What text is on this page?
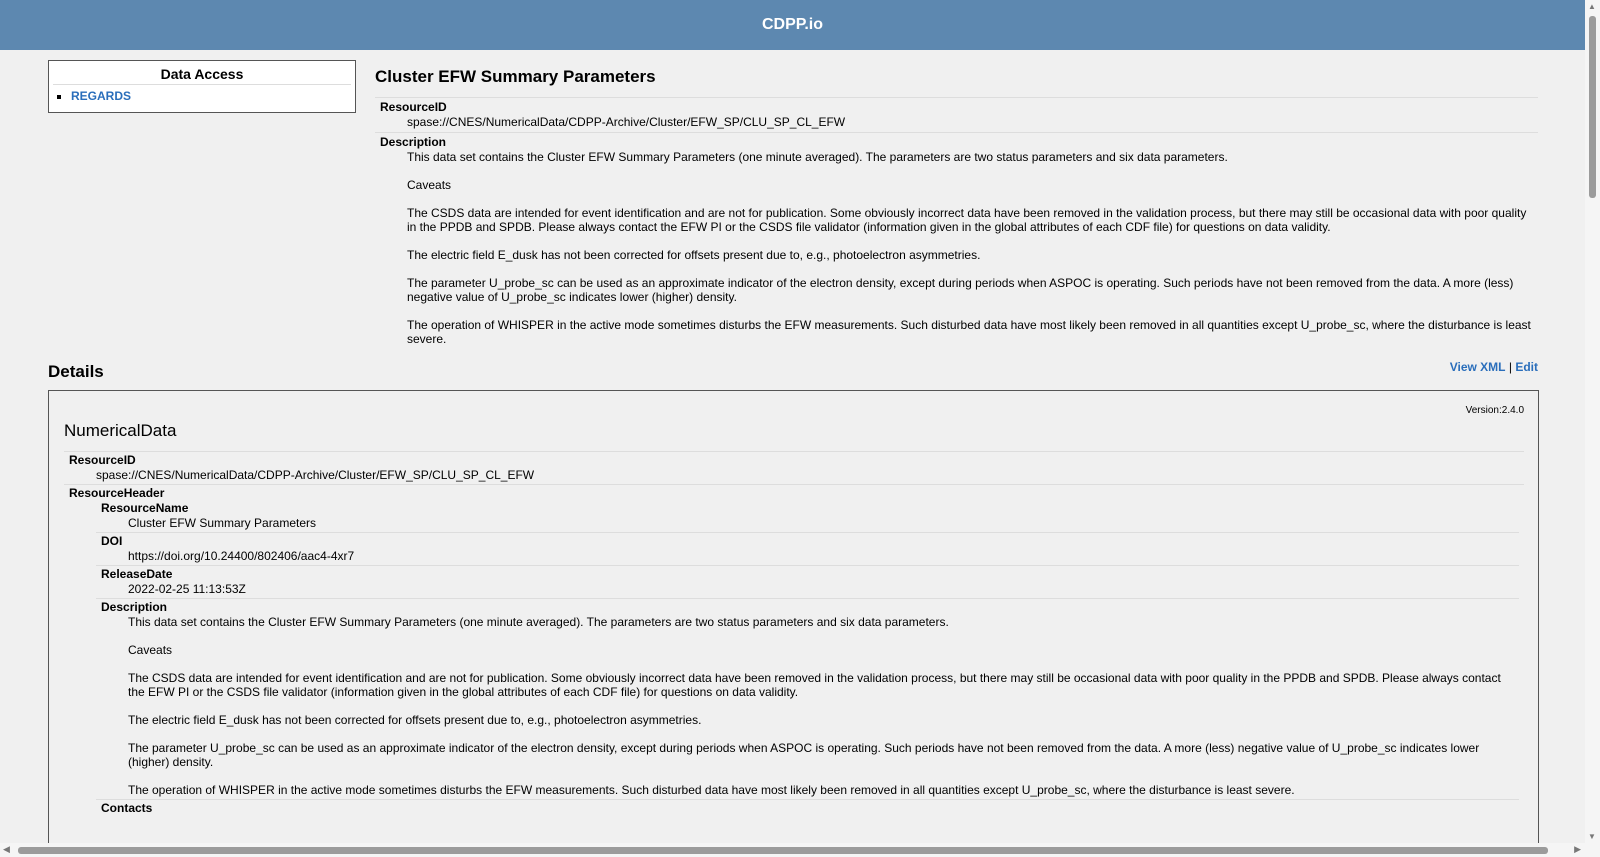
CDPP.io
Data Access
▪ REGARDS
Cluster EFW Summary Parameters
ResourceID
spase://CNES/NumericalData/CDPP-Archive/Cluster/EFW_SP/CLU_SP_CL_EFW
Description

This data set contains the Cluster EFW Summary Parameters (one minute averaged). The parameters are two status parameters and six data parameters.

Caveats

The CSDS data are intended for event identification and are not for publication. Some obviously incorrect data have been removed in the validation process, but there may still be occasional data with poor quality in the PPDB and SPDB. Please always contact the EFW PI or the CSDS file validator (information given in the global attributes of each CDF file) for questions on data validity.

The electric field E_dusk has not been corrected for offsets present due to, e.g., photoelectron asymmetries.

The parameter U_probe_sc can be used as an approximate indicator of the electron density, except during periods when ASPOC is operating. Such periods have not been removed from the data. A more (less) negative value of U_probe_sc indicates lower (higher) density.

The operation of WHISPER in the active mode sometimes disturbs the EFW measurements. Such disturbed data have most likely been removed in all quantities except U_probe_sc, where the disturbance is least severe.

Details	View XML | Edit
Version:2.4.0
NumericalData
ResourceID
spase://CNES/NumericalData/CDPP-Archive/Cluster/EFW_SP/CLU_SP_CL_EFW
ResourceHeader
ResourceName
Cluster EFW Summary Parameters
DOI
https://doi.org/10.24400/802406/aac4-4xr7
ReleaseDate
2022-02-25 11:13:53Z
Description

This data set contains the Cluster EFW Summary Parameters (one minute averaged). The parameters are two status parameters and six data parameters.

Caveats

The CSDS data are intended for event identification and are not for publication. Some obviously incorrect data have been removed in the validation process, but there may still be occasional data with poor quality in the PPDB and SPDB. Please always contact the EFW PI or the CSDS file validator (information given in the global attributes of each CDF file) for questions on data validity.

The electric field E_dusk has not been corrected for offsets present due to, e.g., photoelectron asymmetries.

The parameter U_probe_sc can be used as an approximate indicator of the electron density, except during periods when ASPOC is operating. Such periods have not been removed from the data. A more (less) negative value of U_probe_sc indicates lower (higher) density.

The operation of WHISPER in the active mode sometimes disturbs the EFW measurements. Such disturbed data have most likely been removed in all quantities except U_probe_sc, where the disturbance is least severe.

Contacts
▲
▼
◀	▶
